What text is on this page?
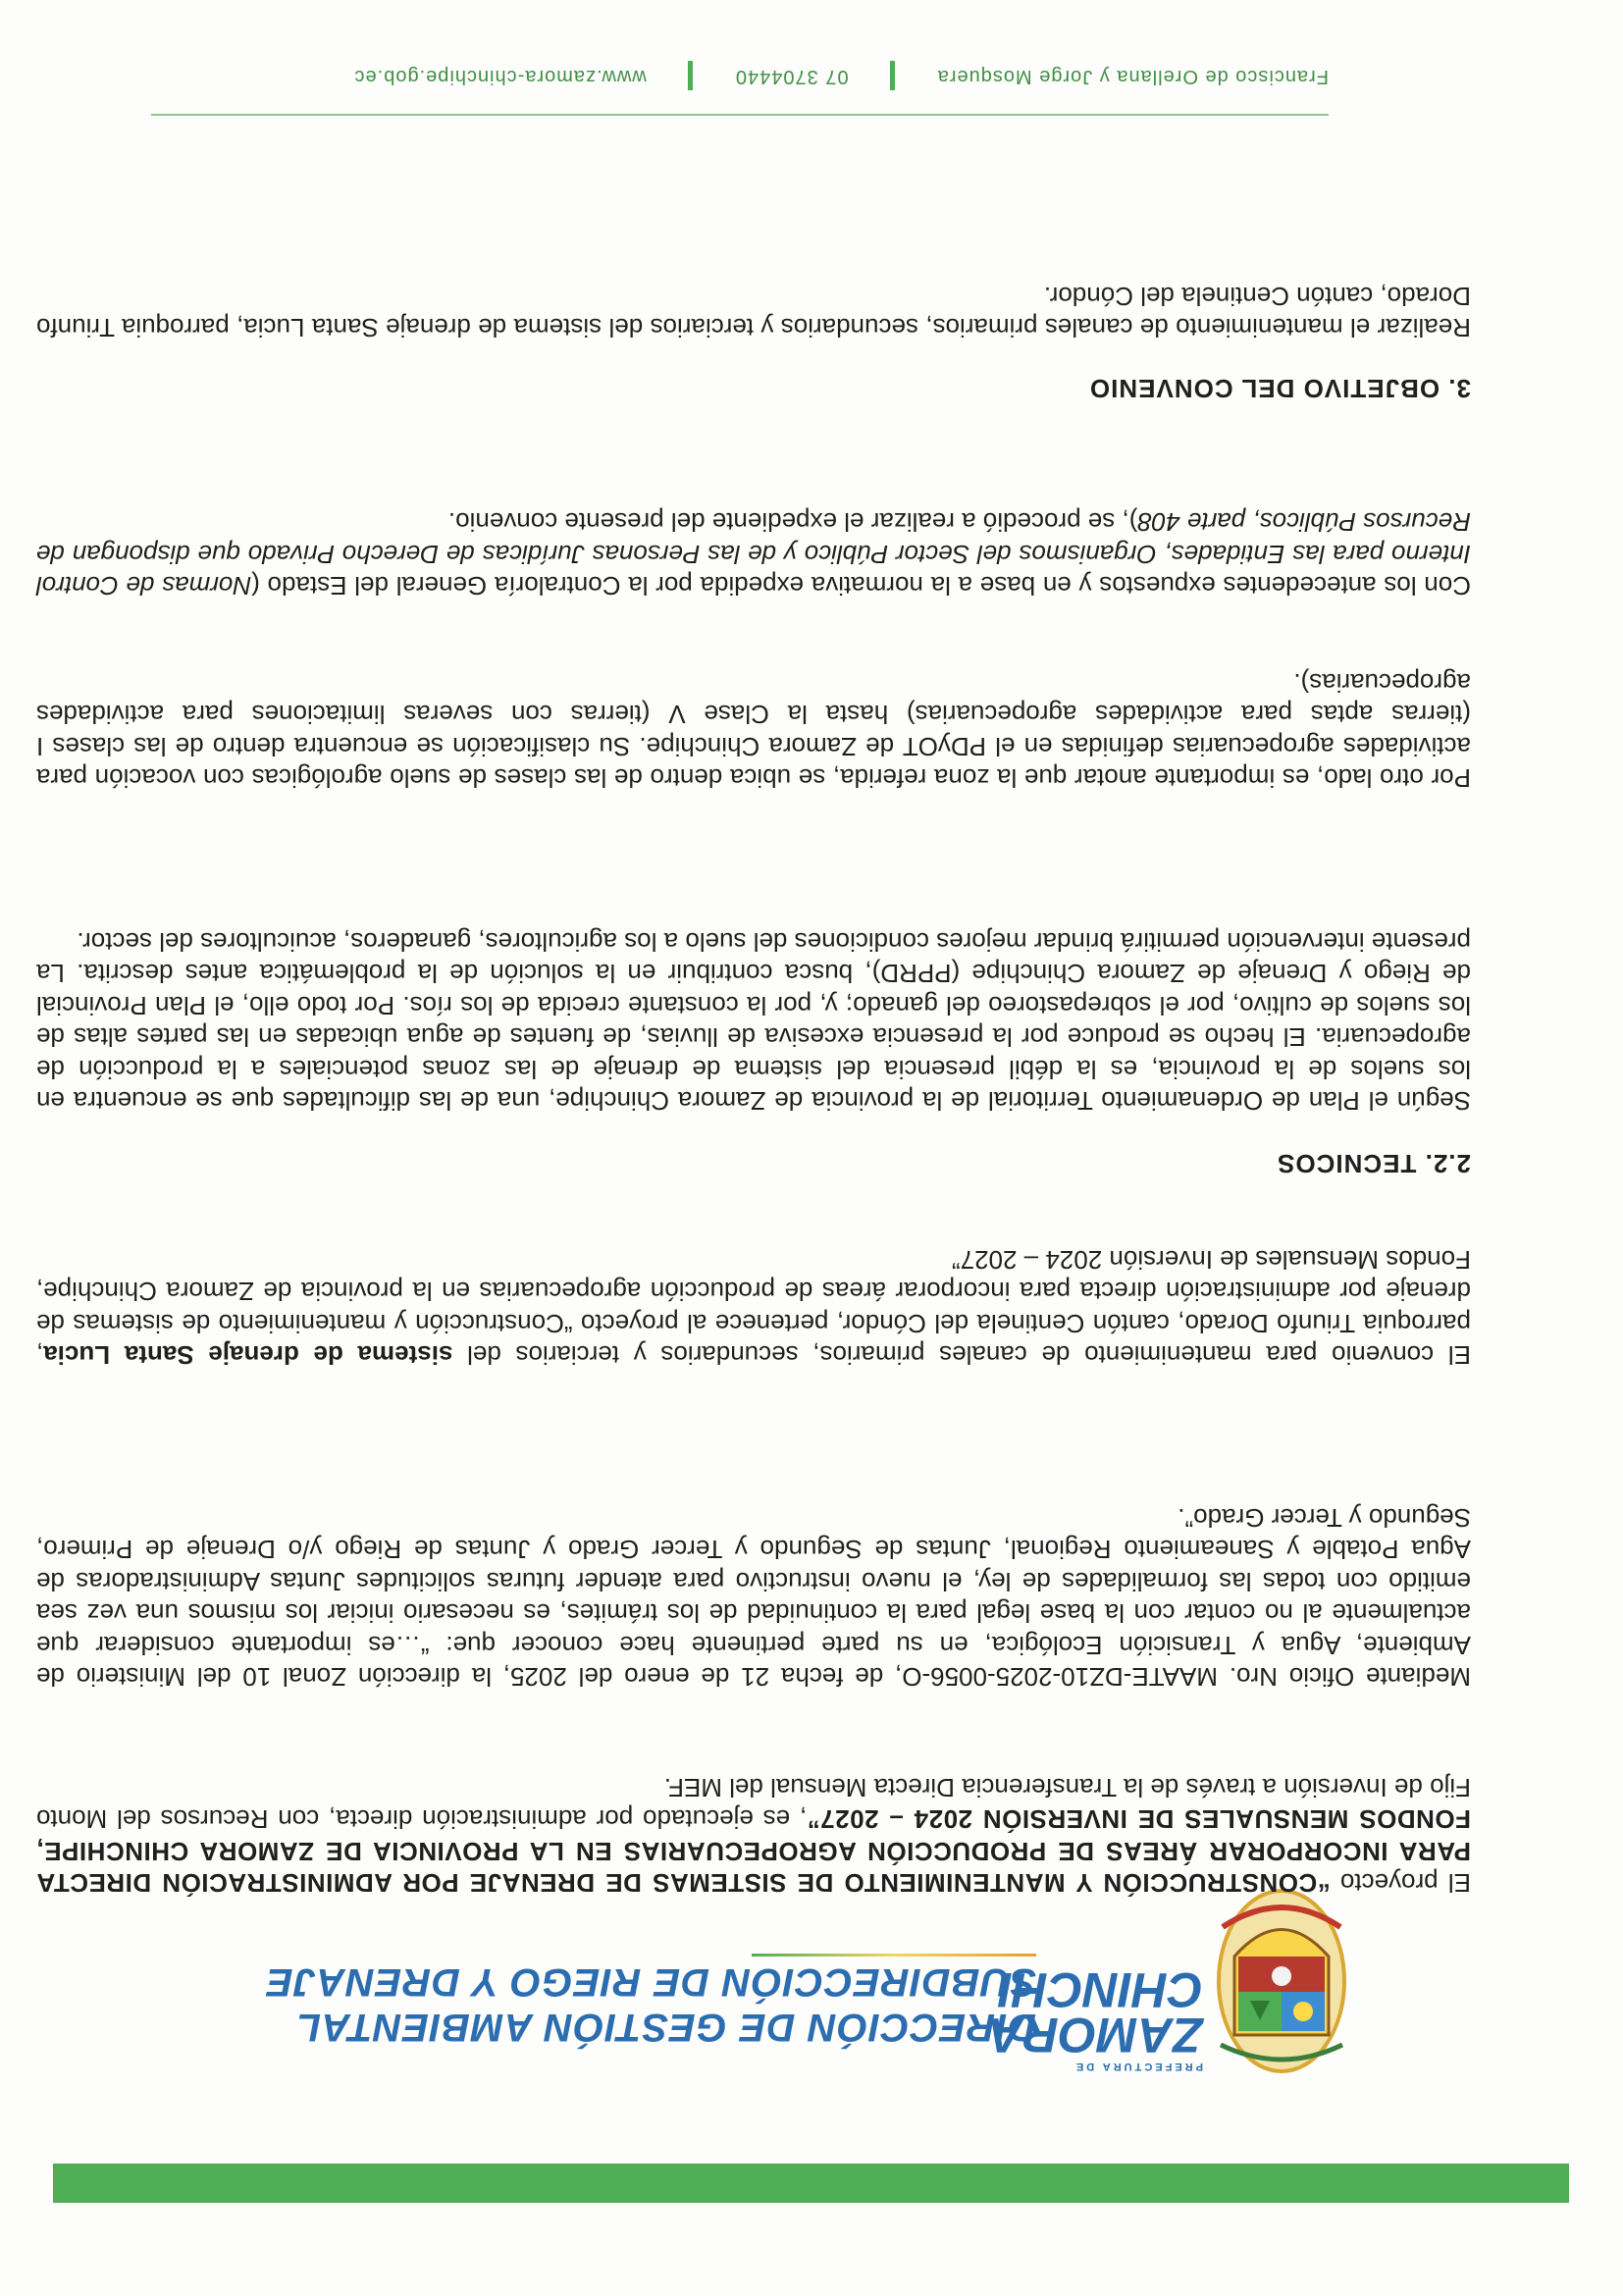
PREFECTURA DE
ZAMORA
CHINCHI
DIRECCIÓN DE GESTIÓN AMBIENTAL
SUBDIRECCIÓN DE RIEGO Y DRENAJE

El proyecto “CONSTRUCCIÓN Y MANTENIMIENTO DE SISTEMAS DE DRENAJE POR ADMINISTRACIÓN DIRECTA PARA INCORPORAR ÁREAS DE PRODUCCIÓN AGROPECUARIAS EN LA PROVINCIA DE ZAMORA CHINCHIPE, FONDOS MENSUALES DE INVERSIÓN 2024 – 2027”, es ejecutado por administración directa, con Recursos del Monto Fijo de Inversión a través de la Transferencia Directa Mensual del MEF.

Mediante Oficio Nro. MAATE-DZ10-2025-0056-O, de fecha 21 de enero del 2025, la dirección Zonal 10 del Ministerio de Ambiente, Agua y Transición Ecológica, en su parte pertinente hace conocer que: “…es importante considerar que actualmente al no contar con la base legal para la continuidad de los trámites, es necesario iniciar los mismos una vez sea emitido con todas las formalidades de ley, el nuevo instructivo para atender futuras solicitudes Juntas Administradoras de Agua Potable y Saneamiento Regional, Juntas de Segundo y Tercer Grado y Juntas de Riego y/o Drenaje de Primero, Segundo y Tercer Grado”.

El convenio para mantenimiento de canales primarios, secundarios y terciarios del sistema de drenaje Santa Lucia, parroquia Triunfo Dorado, cantón Centinela del Cóndor, pertenece al proyecto “Construcción y mantenimiento de sistemas de drenaje por administración directa para incorporar áreas de producción agropecuarias en la provincia de Zamora Chinchipe, Fondos Mensuales de Inversión 2024 – 2027”

2.2. TECNICOS

Según el Plan de Ordenamiento Territorial de la provincia de Zamora Chinchipe, una de las dificultades que se encuentra en los suelos de la provincia, es la débil presencia del sistema de drenaje de las zonas potenciales a la producción de agropecuaria. El hecho se produce por la presencia excesiva de lluvias, de fuentes de agua ubicadas en las partes altas de los suelos de cultivo, por el sobrepastoreo del ganado; y, por la constante crecida de los ríos. Por todo ello, el Plan Provincial de Riego y Drenaje de Zamora Chinchipe (PPRD), busca contribuir en la solución de la problemática antes descrita. La presente intervención permitirá brindar mejores condiciones del suelo a los agricultores, ganaderos, acuicultores del sector.

Por otro lado, es importante anotar que la zona referida, se ubica dentro de las clases de suelo agrológicas con vocación para actividades agropecuarias definidas en el PDyOT de Zamora Chinchipe. Su clasificación se encuentra dentro de las clases I (tierras aptas para actividades agropecuarias) hasta la Clase V (tierras con severas limitaciones para actividades agropecuarias).

Con los antecedentes expuestos y en base a la normativa expedida por la Contraloría General del Estado (Normas de Control Interno para las Entidades, Organismos del Sector Público y de las Personas Jurídicas de Derecho Privado que dispongan de Recursos Públicos, parte 408), se procedió a realizar el expediente del presente convenio.

3. OBJETIVO DEL CONVENIO

Realizar el mantenimiento de canales primarios, secundarios y terciarios del sistema de drenaje Santa Lucia, parroquia Triunfo Dorado, cantón Centinela del Cóndor.

Francisco de Orellana y Jorge Mosquera  07 3704440  www.zamora-chinchipe.gob.ec
